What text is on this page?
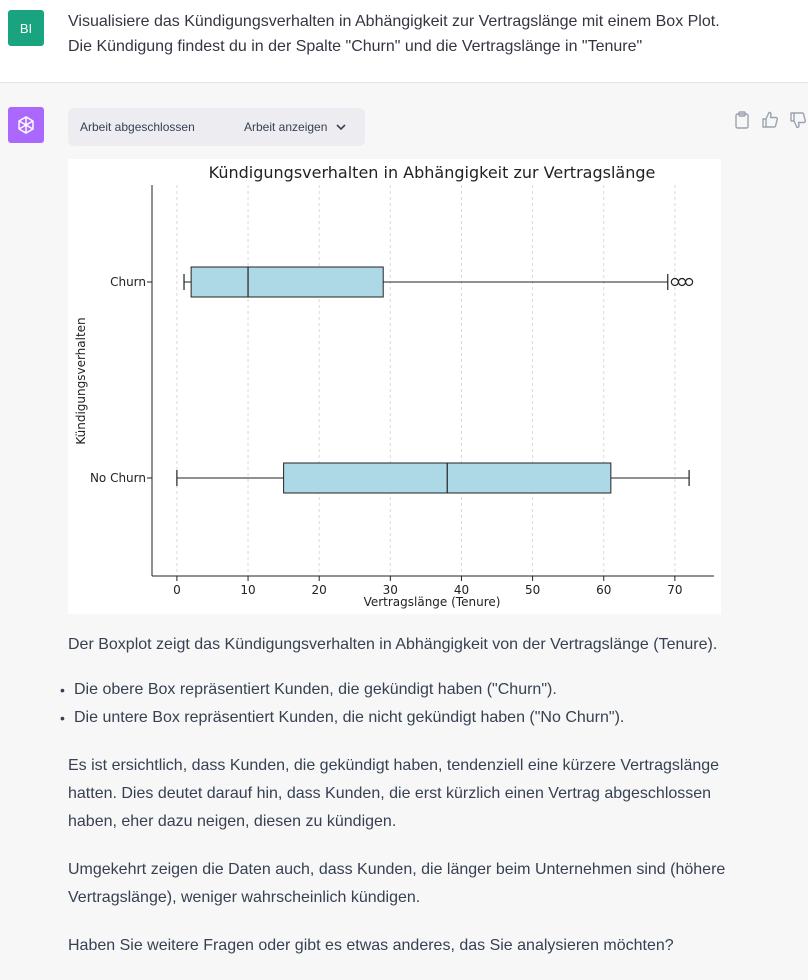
BI	Visualisiere das Kündigungsverhalten in Abhängigkeit zur Vertragslänge mit einem Box Plot.

Die Kündigung findest du in der Spalte "Churn" und die Vertragslänge in "Tenure"

Arbeit abgeschlossen	Arbeit anzeigen
Kündigungsverhalten in Abhängigkeit zur Vertragslänge
Vertragslänge (Tenure)
Kündigungsverhalten
0	10	20	30	40	50	60	70
Churn
No Churn

Der Boxplot zeigt das Kündigungsverhalten in Abhängigkeit von der Vertragslänge (Tenure).

• Die obere Box repräsentiert Kunden, die gekündigt haben ("Churn").
• Die untere Box repräsentiert Kunden, die nicht gekündigt haben ("No Churn").

Es ist ersichtlich, dass Kunden, die gekündigt haben, tendenziell eine kürzere Vertragslänge

hatten. Dies deutet darauf hin, dass Kunden, die erst kürzlich einen Vertrag abgeschlossen

haben, eher dazu neigen, diesen zu kündigen.

Umgekehrt zeigen die Daten auch, dass Kunden, die länger beim Unternehmen sind (höhere

Vertragslänge), weniger wahrscheinlich kündigen.

Haben Sie weitere Fragen oder gibt es etwas anderes, das Sie analysieren möchten?
